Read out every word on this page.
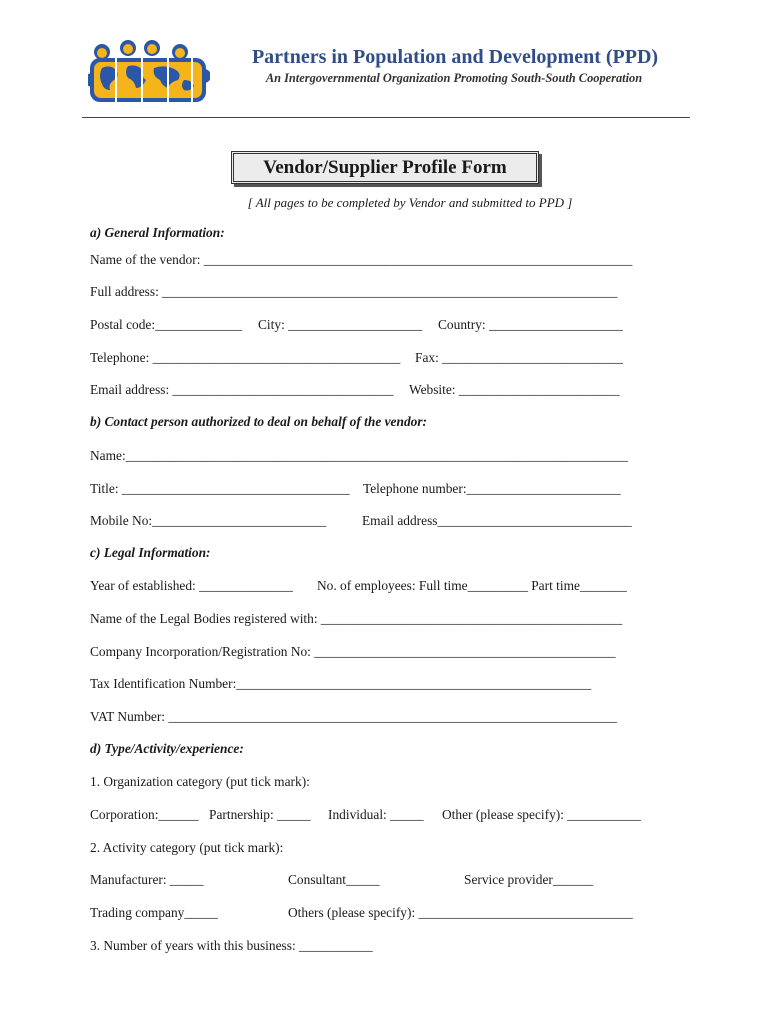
Partners in Population and Development (PPD)
An Intergovernmental Organization Promoting South-South Cooperation
Vendor/Supplier Profile Form
[ All pages to be completed by Vendor and submitted to PPD ]
a) General Information:
Name of the vendor: ________________________________________________________________
Full address: ____________________________________________________________________
Postal code:_____________ City: ____________________ Country: ____________________
Telephone: _____________________________________ Fax: ___________________________
Email address: _________________________________ Website: ________________________
b) Contact person authorized to deal on behalf of the vendor:
Name:___________________________________________________________________________
Title: __________________________________ Telephone number:_______________________
Mobile No:__________________________	Email address_____________________________
c) Legal Information:
Year of established: ______________ No. of employees: Full time_________ Part time_______
Name of the Legal Bodies registered with: _____________________________________________
Company Incorporation/Registration No: _____________________________________________
Tax Identification Number:_____________________________________________________
VAT Number: ___________________________________________________________________
d) Type/Activity/experience:
1. Organization category (put tick mark):
Corporation:______ Partnership: _____ Individual: _____ Other (please specify): ___________
2. Activity category (put tick mark):
Manufacturer: _____	Consultant_____	Service provider______
Trading company_____	Others (please specify): ________________________________
3. Number of years with this business: ___________
